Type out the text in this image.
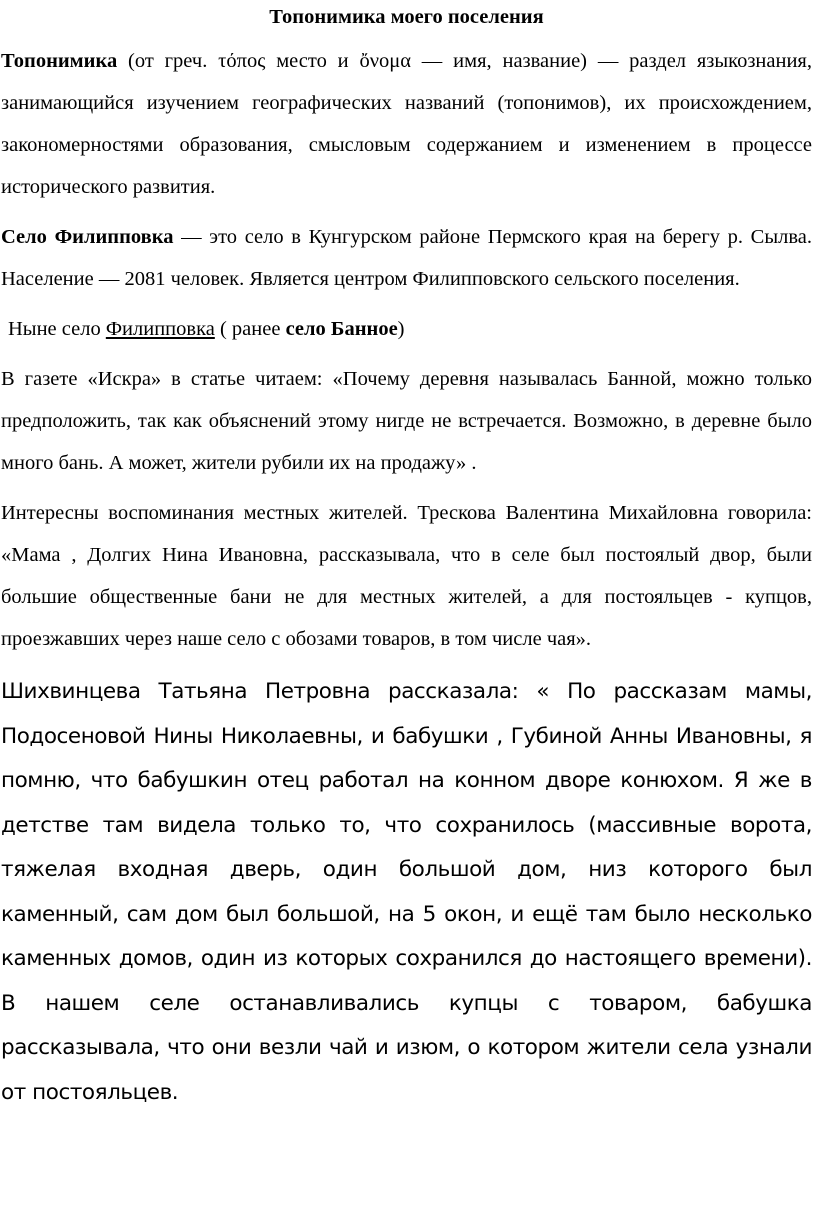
Топонимика моего поселения

Топонимика (от греч. τόπος место и ὄνομα — имя, название) — раздел языкознания, занимающийся изучением географических названий (топонимов), их происхождением, закономерностями образования, смысловым содержанием и изменением в процессе исторического развития.

Село Филипповка — это село в Кунгурском районе Пермского края на берегу р. Сылва. Население — 2081 человек. Является центром Филипповского сельского поселения.

Ныне село Филипповка ( ранее село Банное)

В газете «Искра» в статье читаем: «Почему деревня называлась Банной, можно только предположить, так как объяснений этому нигде не встречается. Возможно, в деревне было много бань. А может, жители рубили их на продажу» .

Интересны воспоминания местных жителей. Трескова Валентина Михайловна говорила: «Мама , Долгих Нина Ивановна, рассказывала, что в селе был постоялый двор, были большие общественные бани не для местных жителей, а для постояльцев - купцов, проезжавших через наше село с обозами товаров, в том числе чая».

Шихвинцева Татьяна Петровна рассказала: « По рассказам мамы, Подосеновой Нины Николаевны, и бабушки , Губиной Анны Ивановны, я помню, что бабушкин отец работал на конном дворе конюхом. Я же в детстве там видела только то, что сохранилось (массивные ворота, тяжелая входная дверь, один большой дом, низ которого был каменный, сам дом был большой, на 5 окон, и ещё там было несколько каменных домов, один из которых сохранился до настоящего времени). В нашем селе останавливались купцы с товаром, бабушка рассказывала, что они везли чай и изюм, о котором жители села узнали от постояльцев.
